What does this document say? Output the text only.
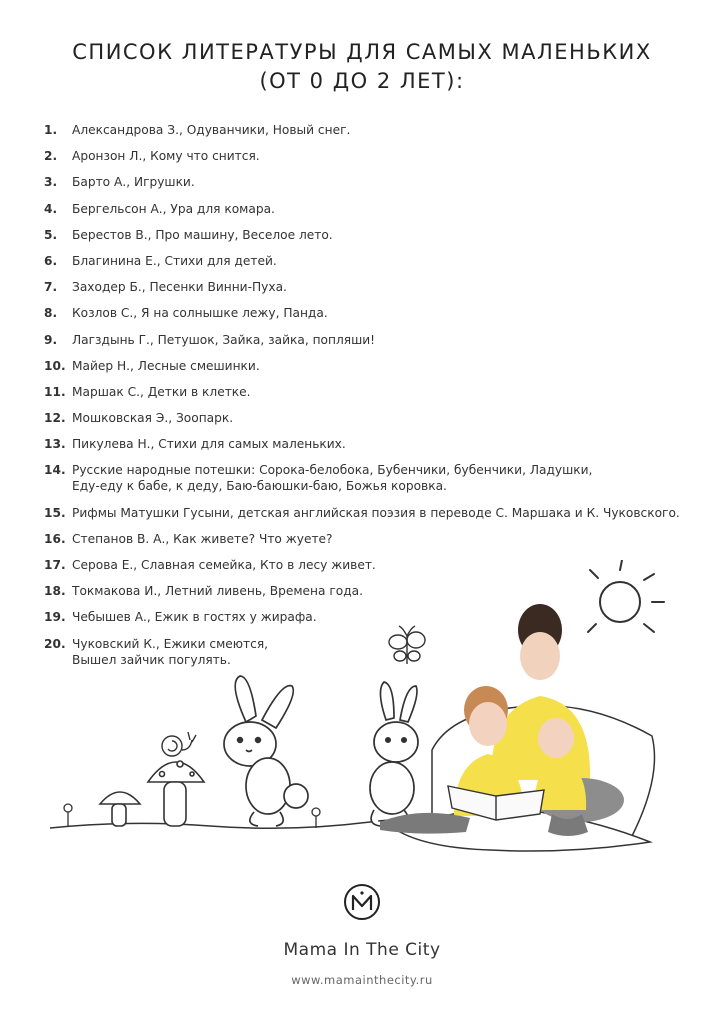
СПИСОК ЛИТЕРАТУРЫ ДЛЯ САМЫХ МАЛЕНЬКИХ
(ОТ 0 ДО 2 ЛЕТ):
1. Александрова З., Одуванчики, Новый снег.
2. Аронзон Л., Кому что снится.
3. Барто А., Игрушки.
4. Бергельсон А., Ура для комара.
5. Берестов В., Про машину, Веселое лето.
6. Благинина Е., Стихи для детей.
7. Заходер Б., Песенки Винни-Пуха.
8. Козлов С., Я на солнышке лежу, Панда.
9. Лагздынь Г., Петушок, Зайка, зайка, попляши!
10. Майер Н., Лесные смешинки.
11. Маршак С., Детки в клетке.
12. Мошковская Э., Зоопарк.
13. Пикулева Н., Стихи для самых маленьких.
14. Русские народные потешки: Сорока-белобока, Бубенчики, бубенчики, Ладушки,
Еду-еду к бабе, к деду, Баю-баюшки-баю, Божья коровка.
15. Рифмы Матушки Гусыни, детская английская поэзия в переводе С. Маршака и К. Чуковского.
16. Степанов В. А., Как живете? Что жуете?
17. Серова Е., Славная семейка, Кто в лесу живет.
18. Токмакова И., Летний ливень, Времена года.
19. Чебышев А., Ежик в гостях у жирафа.
20. Чуковский К., Ежики смеются,
Вышел зайчик погулять.
Mama In The City
www.mamainthecity.ru
